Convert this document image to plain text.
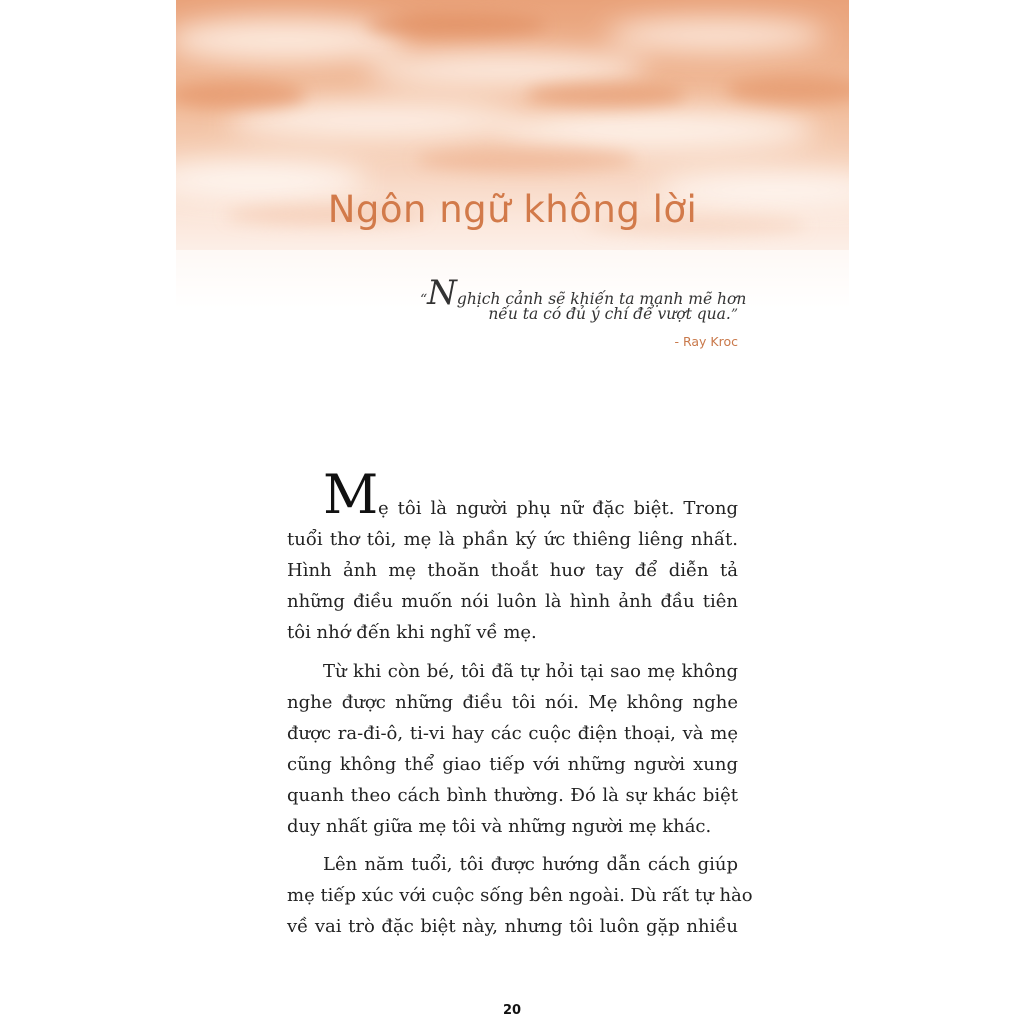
Ngôn ngữ không lời
“Nghịch cảnh sẽ khiến ta mạnh mẽ hơn
nếu ta có đủ ý chí để vượt qua.”
- Ray Kroc
M ẹ tôi là người phụ nữ đặc biệt. Trong
tuổi thơ tôi, mẹ là phần ký ức thiêng liêng nhất.
Hình ảnh mẹ thoăn thoắt huơ tay để diễn tả
những điều muốn nói luôn là hình ảnh đầu tiên
tôi nhớ đến khi nghĩ về mẹ.
Từ khi còn bé, tôi đã tự hỏi tại sao mẹ không
nghe được những điều tôi nói. Mẹ không nghe
được ra-đi-ô, ti-vi hay các cuộc điện thoại, và mẹ
cũng không thể giao tiếp với những người xung
quanh theo cách bình thường. Đó là sự khác biệt
duy nhất giữa mẹ tôi và những người mẹ khác.
Lên năm tuổi, tôi được hướng dẫn cách giúp
mẹ tiếp xúc với cuộc sống bên ngoài. Dù rất tự hào
về vai trò đặc biệt này, nhưng tôi luôn gặp nhiều
20
